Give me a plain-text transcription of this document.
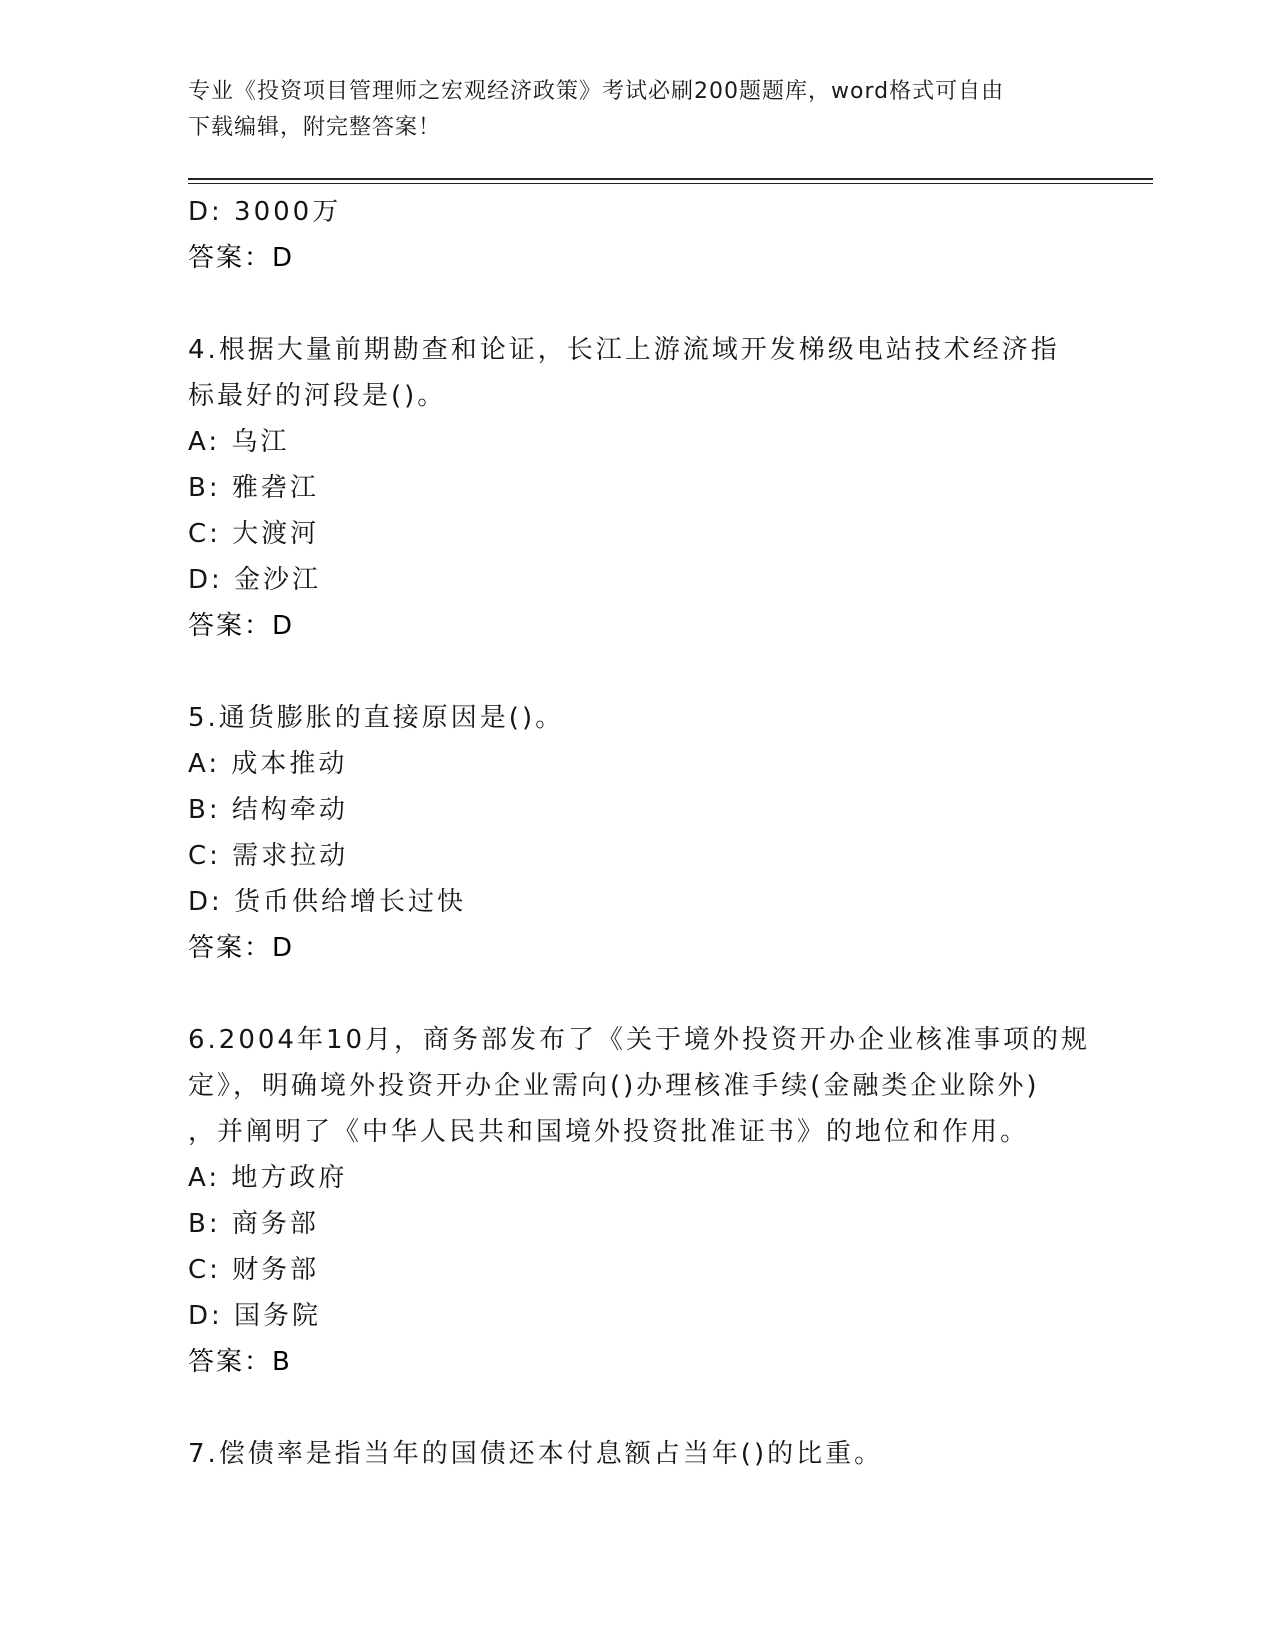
专业《投资项目管理师之宏观经济政策》考试必刷200题题库，word格式可自由
下载编辑，附完整答案！
D: 3000万
答案：D
4.根据大量前期勘查和论证，长江上游流域开发梯级电站技术经济指
标最好的河段是()。
A: 乌江
B: 雅砻江
C: 大渡河
D: 金沙江
答案：D
5.通货膨胀的直接原因是()。
A: 成本推动
B: 结构牵动
C: 需求拉动
D: 货币供给增长过快
答案：D
6.2004年10月，商务部发布了《关于境外投资开办企业核准事项的规
定》，明确境外投资开办企业需向()办理核准手续(金融类企业除外)
，并阐明了《中华人民共和国境外投资批准证书》的地位和作用。
A: 地方政府
B: 商务部
C: 财务部
D: 国务院
答案：B
7.偿债率是指当年的国债还本付息额占当年()的比重。
